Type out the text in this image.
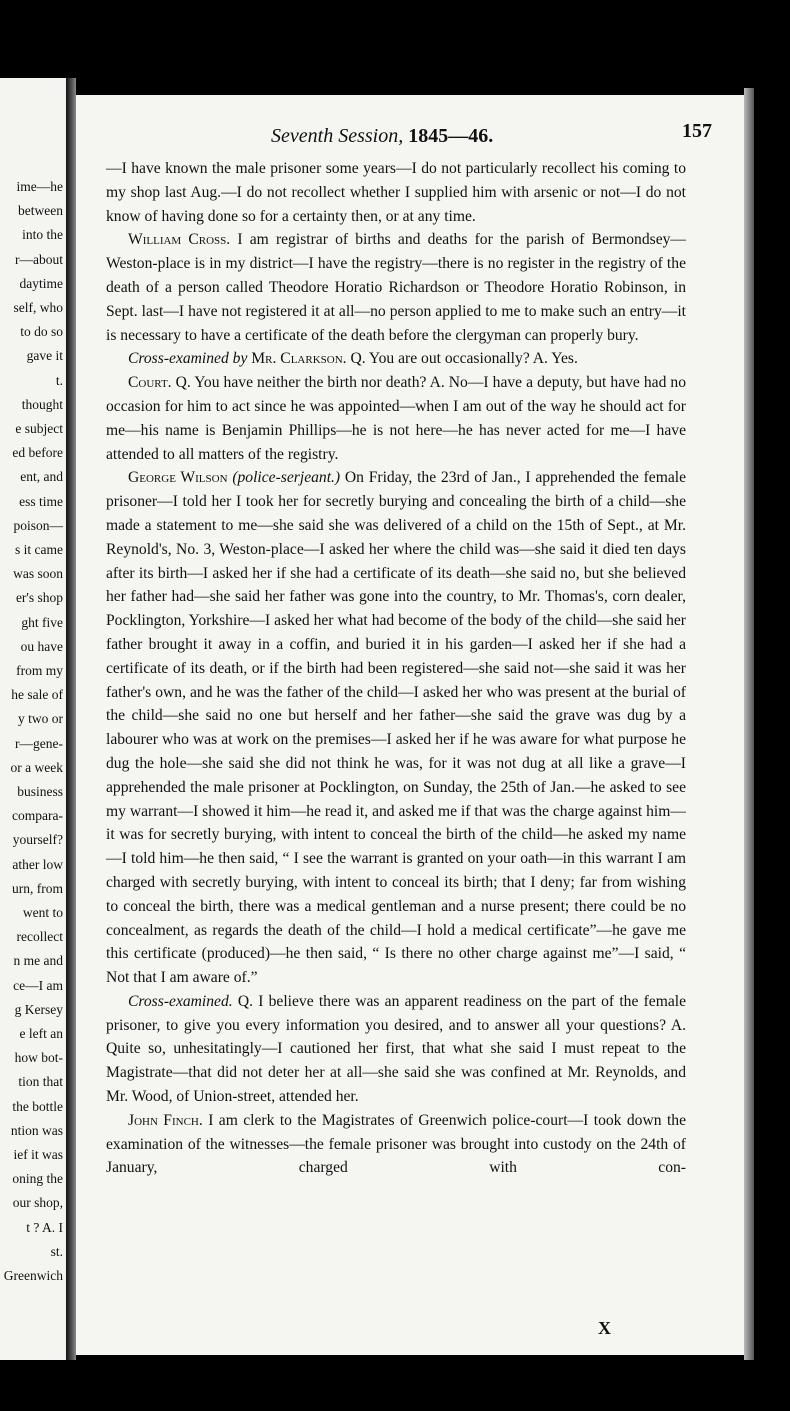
ime—he
between
into the
r—about
daytime
self, who
to do so
gave it
t.
thought
e subject
ed before
ent, and
ess time
poison—
s it came
was soon
er's shop
ght five
ou have
from my
he sale of
y two or
r—gene-
or a week
business
compara-
yourself?
ather low
urn, from
went to
recollect
n me and
ce—I am
g Kersey
e left an
how bot-
tion that
the bottle
ntion was
ief it was
oning the
our shop,
t ? A. I
st.
Greenwich
Seventh Session, 1845—46.	157

—I have known the male prisoner some years—I do not particularly recollect his coming to my shop last Aug.—I do not recollect whether I supplied him with arsenic or not—I do not know of having done so for a certainty then, or at any time.

William Cross. I am registrar of births and deaths for the parish of Bermondsey—Weston-place is in my district—I have the registry—there is no register in the registry of the death of a person called Theodore Horatio Richardson or Theodore Horatio Robinson, in Sept. last—I have not registered it at all—no person applied to me to make such an entry—it is necessary to have a certificate of the death before the clergyman can properly bury.

Cross-examined by Mr. Clarkson. Q. You are out occasionally? A. Yes.

Court. Q. You have neither the birth nor death? A. No—I have a deputy, but have had no occasion for him to act since he was appointed—when I am out of the way he should act for me—his name is Benjamin Phillips—he is not here—he has never acted for me—I have attended to all matters of the registry.

George Wilson (police-serjeant.) On Friday, the 23rd of Jan., I apprehended the female prisoner—I told her I took her for secretly burying and concealing the birth of a child—she made a statement to me—she said she was delivered of a child on the 15th of Sept., at Mr. Reynold's, No. 3, Weston-place—I asked her where the child was—she said it died ten days after its birth—I asked her if she had a certificate of its death—she said no, but she believed her father had—she said her father was gone into the country, to Mr. Thomas's, corn dealer, Pocklington, Yorkshire—I asked her what had become of the body of the child—she said her father brought it away in a coffin, and buried it in his garden—I asked her if she had a certificate of its death, or if the birth had been registered—she said not—she said it was her father's own, and he was the father of the child—I asked her who was present at the burial of the child—she said no one but herself and her father—she said the grave was dug by a labourer who was at work on the premises—I asked her if he was aware for what purpose he dug the hole—she said she did not think he was, for it was not dug at all like a grave—I apprehended the male prisoner at Pocklington, on Sunday, the 25th of Jan.—he asked to see my warrant—I showed it him—he read it, and asked me if that was the charge against him—it was for secretly burying, with intent to conceal the birth of the child—he asked my name—I told him—he then said, “ I see the warrant is granted on your oath—in this warrant I am charged with secretly burying, with intent to conceal its birth; that I deny; far from wishing to conceal the birth, there was a medical gentleman and a nurse present; there could be no concealment, as regards the death of the child—I hold a medical certificate”—he gave me this certificate (produced)—he then said, “ Is there no other charge against me”—I said, “ Not that I am aware of.”

Cross-examined. Q. I believe there was an apparent readiness on the part of the female prisoner, to give you every information you desired, and to answer all your questions? A. Quite so, unhesitatingly—I cautioned her first, that what she said I must repeat to the Magistrate—that did not deter her at all—she said she was confined at Mr. Reynolds, and Mr. Wood, of Union-street, attended her.

John Finch. I am clerk to the Magistrates of Greenwich police-court—I took down the examination of the witnesses—the female prisoner was brought into custody on the 24th of January, charged with con-

X
